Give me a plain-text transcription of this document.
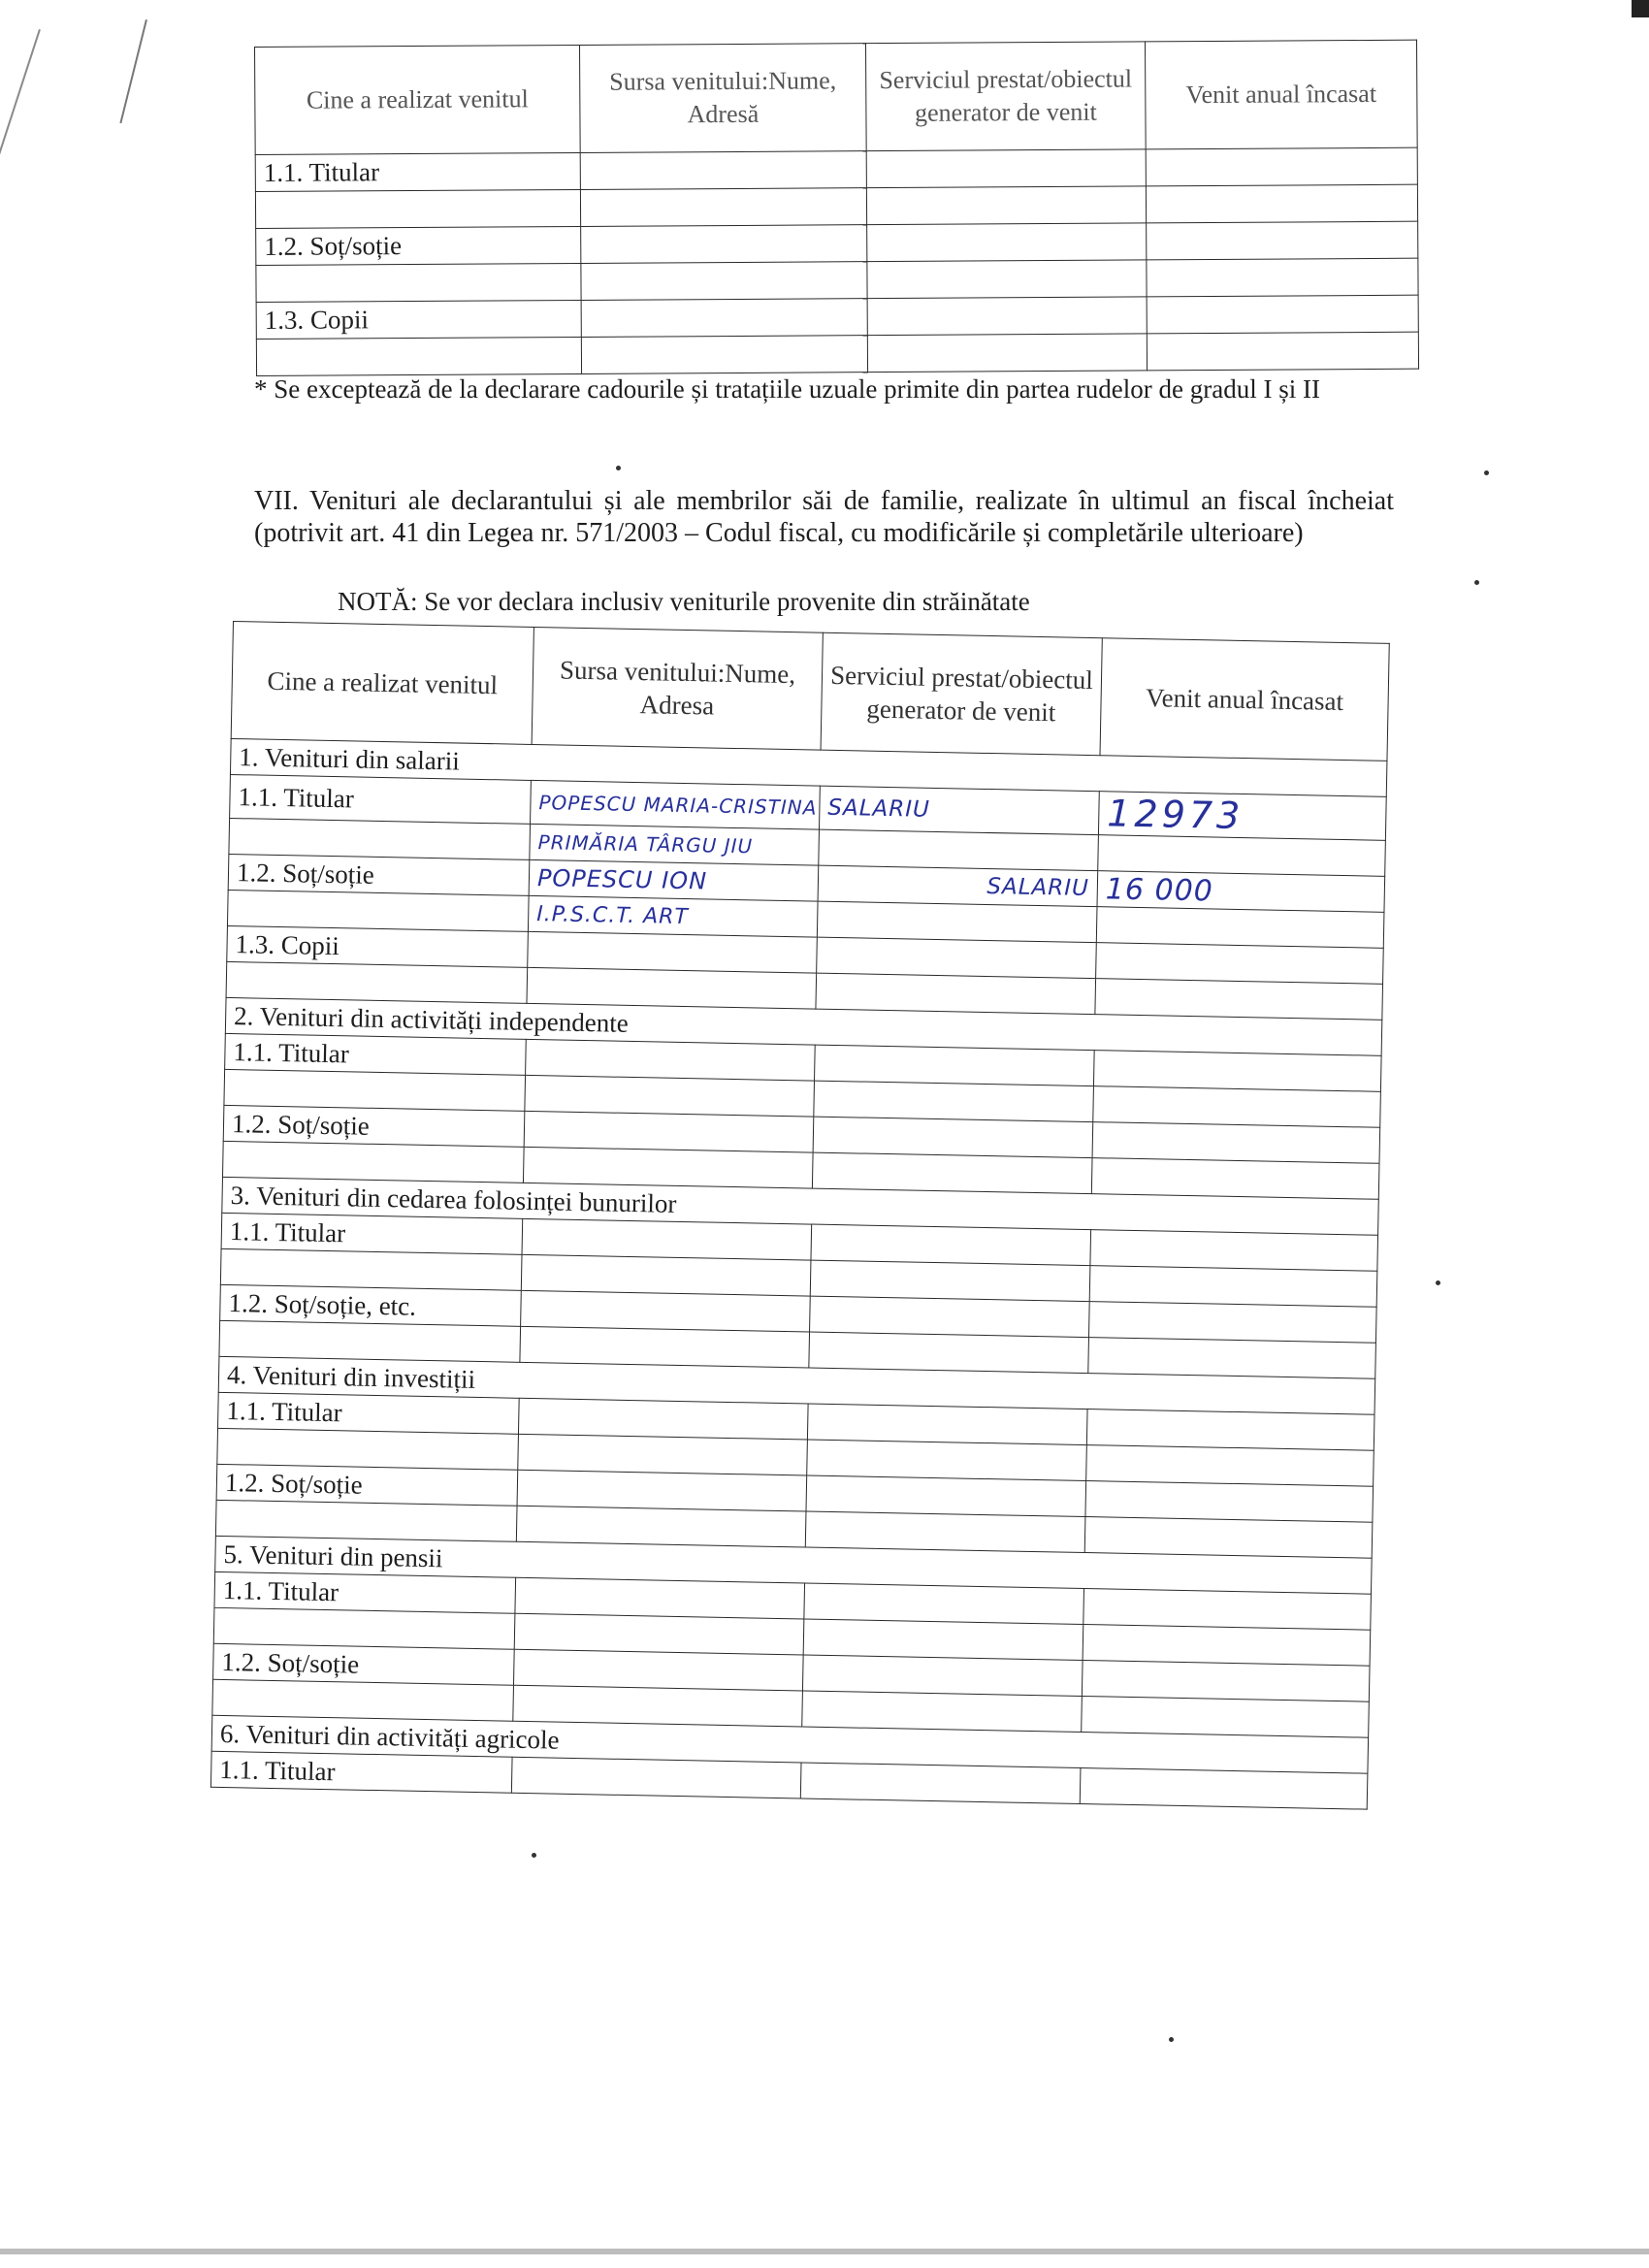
Cine a realizat venitul	Sursa venitului:Nume, Adresă	Serviciul prestat/obiectul generator de venit	Venit anual încasat
1.1. Titular			

1.2. Soț/soție			

1.3. Copii			

* Se exceptează de la declarare cadourile și tratațiile uzuale primite din partea rudelor de gradul I și II
VII. Venituri ale declarantului și ale membrilor săi de familie, realizate în ultimul an fiscal încheiat (potrivit art. 41 din Legea nr. 571/2003 – Codul fiscal, cu modificările și completările ulterioare)
NOTĂ: Se vor declara inclusiv veniturile provenite din străinătate
Cine a realizat venitul	Sursa venitului:Nume, Adresa	Serviciul prestat/obiectul generator de venit	Venit anual încasat
1. Venituri din salarii			
1.1. Titular	POPESCU MARIA-CRISTINA	SALARIU	12973
	PRIMĂRIA TÂRGU JIU		
1.2. Soț/soție	POPESCU ION	SALARIU	16 000
	I.P.S.C.T. ART		
1.3. Copii			

2. Venituri din activități independente			
1.1. Titular			

1.2. Soț/soție			

3. Venituri din cedarea folosinței bunurilor			
1.1. Titular			

1.2. Soț/soție, etc.			

4. Venituri din investiții			
1.1. Titular			

1.2. Soț/soție			

5. Venituri din pensii			
1.1. Titular			

1.2. Soț/soție			

6. Venituri din activități agricole			
1.1. Titular			
